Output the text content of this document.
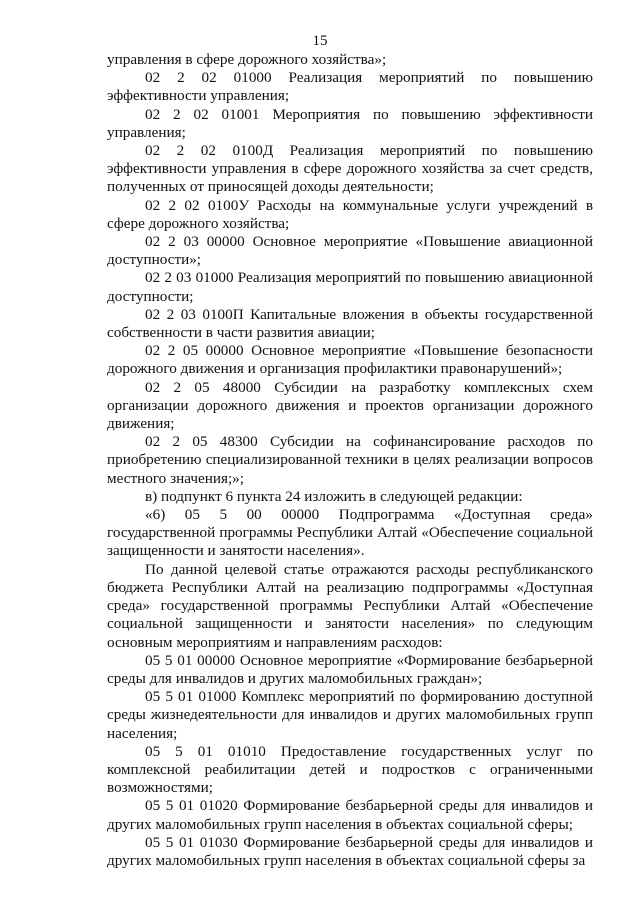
15

управления в сфере дорожного хозяйства»;

02 2 02 01000 Реализация мероприятий по повышению эффективности управления;

02 2 02 01001 Мероприятия по повышению эффективности управления;

02 2 02 0100Д Реализация мероприятий по повышению эффективности управления в сфере дорожного хозяйства за счет средств, полученных от приносящей доходы деятельности;

02 2 02 0100У Расходы на коммунальные услуги учреждений в сфере дорожного хозяйства;

02 2 03 00000 Основное мероприятие «Повышение авиационной доступности»;

02 2 03 01000 Реализация мероприятий по повышению авиационной доступности;

02 2 03 0100П Капитальные вложения в объекты государственной собственности в части развития авиации;

02 2 05 00000 Основное мероприятие «Повышение безопасности дорожного движения и организация профилактики правонарушений»;

02 2 05 48000 Субсидии на разработку комплексных схем организации дорожного движения и проектов организации дорожного движения;

02 2 05 48300 Субсидии на софинансирование расходов по приобретению специализированной техники в целях реализации вопросов местного значения;»;

в) подпункт 6 пункта 24 изложить в следующей редакции:

«6) 05 5 00 00000 Подпрограмма «Доступная среда» государственной программы Республики Алтай «Обеспечение социальной защищенности и занятости населения».

По данной целевой статье отражаются расходы республиканского бюджета Республики Алтай на реализацию подпрограммы «Доступная среда» государственной программы Республики Алтай «Обеспечение социальной защищенности и занятости населения» по следующим основным мероприятиям и направлениям расходов:

05 5 01 00000 Основное мероприятие «Формирование безбарьерной среды для инвалидов и других маломобильных граждан»;

05 5 01 01000 Комплекс мероприятий по формированию доступной среды жизнедеятельности для инвалидов и других маломобильных групп населения;

05 5 01 01010 Предоставление государственных услуг по комплексной реабилитации детей и подростков с ограниченными возможностями;

05 5 01 01020 Формирование безбарьерной среды для инвалидов и других маломобильных групп населения в объектах социальной сферы;

05 5 01 01030 Формирование безбарьерной среды для инвалидов и других маломобильных групп населения в объектах социальной сферы за
